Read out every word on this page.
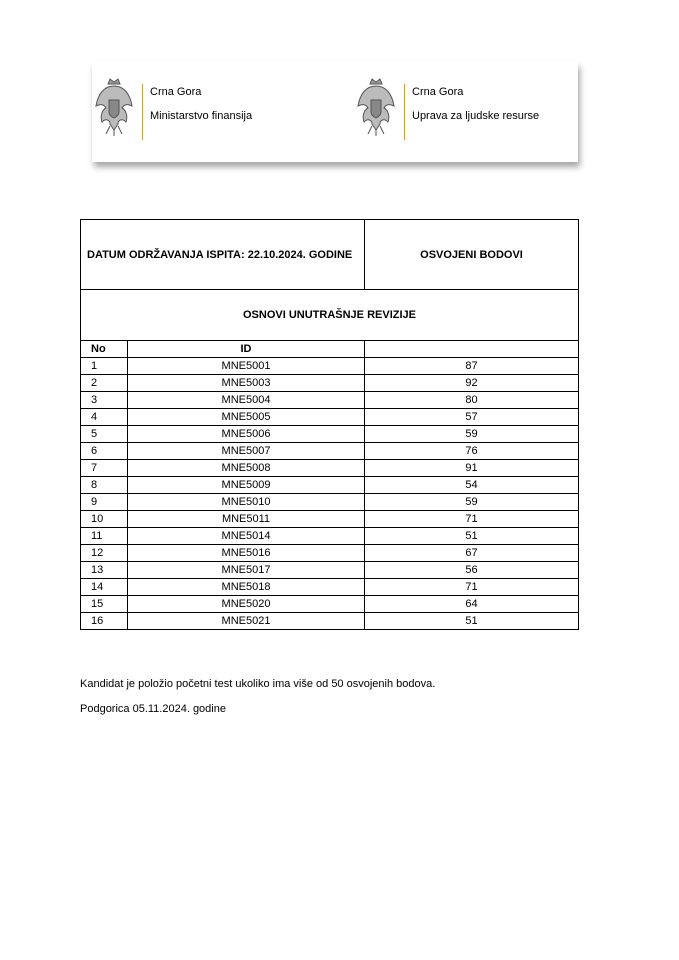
Crna Gora
Ministarstvo finansija
Crna Gora
Uprava za ljudske resurse
DATUM ODRŽAVANJA ISPITA: 22.10.2024. GODINE		OSVOJENI BODOVI
OSNOVI UNUTRAŠNJE REVIZIJE		
No	ID	
1	MNE5001	87
2	MNE5003	92
3	MNE5004	80
4	MNE5005	57
5	MNE5006	59
6	MNE5007	76
7	MNE5008	91
8	MNE5009	54
9	MNE5010	59
10	MNE5011	71
11	MNE5014	51
12	MNE5016	67
13	MNE5017	56
14	MNE5018	71
15	MNE5020	64
16	MNE5021	51
Kandidat je položio početni test ukoliko ima više od 50 osvojenih bodova.
Podgorica 05.11.2024. godine
